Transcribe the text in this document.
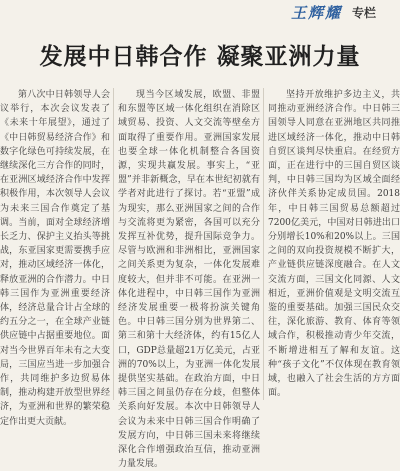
王辉耀 专栏
发展中日韩合作 凝聚亚洲力量

第八次中日韩领导人会议举行，本次会议发表了《未来十年展望》，通过了《中日韩贸易经济合作》和数字化绿色可持续发展，在继续深化三方合作的同时，在亚洲区域经济合作中发挥积极作用，本次领导人会议为未来三国合作奠定了基调。当前，面对全球经济增长乏力、保护主义抬头等挑战，东亚国家更需要携手应对，推动区域经济一体化，释放亚洲的合作潜力。中日韩三国作为亚洲重要经济体，经济总量合计占全球的约五分之一，在全球产业链供应链中占据重要地位。面对当今世界百年未有之大变局，三国应当进一步加强合作，共同维护多边贸易体制，推动构建开放型世界经济，为亚洲和世界的繁荣稳定作出更大贡献。

现当今区域发展，欧盟、非盟和东盟等区域一体化组织在消除区域贸易、投资、人文交流等壁垒方面取得了重要作用。亚洲国家发展也要全球一体化机制整合各国资源，实现共赢发展。事实上，“亚盟”并非新概念，早在本世纪初就有学者对此进行了探讨。若“亚盟”成为现实，那么亚洲国家之间的合作与交流将更为紧密，各国可以充分发挥互补优势，提升国际竞争力。尽管与欧洲和非洲相比，亚洲国家之间关系更为复杂，一体化发展难度较大，但并非不可能。在亚洲一体化进程中，中日韩三国作为亚洲经济发展重要一极将扮演关键角色。中日韩三国分别为世界第二、第三和第十大经济体，约有15亿人口，GDP总量超21万亿美元，占亚洲的70%以上，为亚洲一体化发展提供坚实基础。在政治方面，中日韩三国之间虽仍存在分歧，但整体关系向好发展。本次中日韩领导人会议为未来中日韩三国合作明确了发展方向，中日韩三国未来将继续深化合作增强政治互信，推动亚洲力量发展。

坚持开放维护多边主义，共同推动亚洲经济合作。中日韩三国领导人同意在亚洲地区共同推进区域经济一体化，推动中日韩自贸区谈判尽快重启。在经贸方面，正在进行中的三国自贸区谈判，中日韩三国均为区域全面经济伙伴关系协定成员国。2018年，中日韩三国贸易总额超过7200亿美元，中国对日韩进出口分别增长10%和20%以上。三国之间的双向投资规模不断扩大，产业链供应链深度融合。在人文交流方面，三国文化同源、人文相近，亚洲价值观是文明交流互鉴的重要基础。加强三国民众交往，深化旅游、教育、体育等领域合作，积极推动青少年交流，不断增进相互了解和友谊。这种“孩子文化”不仅体现在教育领域，也融入了社会生活的方方面面。
